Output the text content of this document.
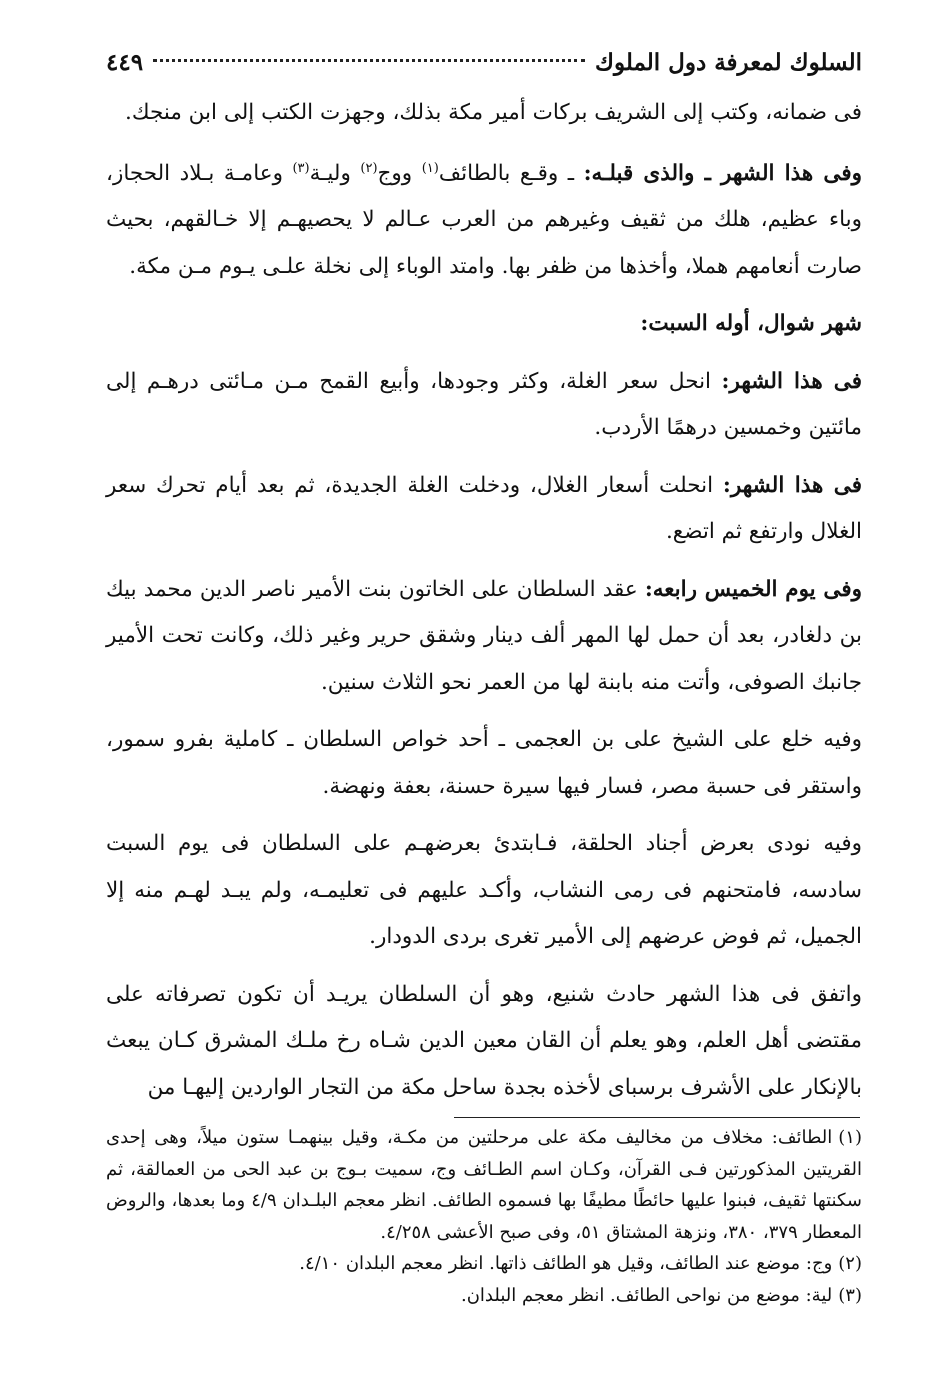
السلوك لمعرفة دول الملوك
٤٤٩

فى ضمانه، وكتب إلى الشريف بركات أمير مكة بذلك، وجهزت الكتب إلى ابن منجك.

وفى هذا الشهر ـ والذى قبلـه: ـ وقـع بالطائف$^{(١)}$ ووج$^{(٢)}$ وليـة$^{(٣)}$ وعامـة بـلاد الحجاز، وباء عظيم، هلك من ثقيف وغيرهم من العرب عـالم لا يحصيهـم إلا خـالقهم، بحيث صارت أنعامهم هملا، وأخذها من ظفر بها. وامتد الوباء إلى نخلة علـى يـوم مـن مكة.

شهر شوال، أوله السبت:

فى هذا الشهر: انحل سعر الغلة، وكثر وجودها، وأبيع القمح مـن مـائتى درهـم إلى مائتين وخمسين درهمًا الأردب.

فى هذا الشهر: انحلت أسعار الغلال، ودخلت الغلة الجديدة، ثم بعد أيام تحرك سعر الغلال وارتفع ثم اتضع.

وفى يوم الخميس رابعه: عقد السلطان على الخاتون بنت الأمير ناصر الدين محمد بيك بن دلغادر، بعد أن حمل لها المهر ألف دينار وشقق حرير وغير ذلك، وكانت تحت الأمير جانبك الصوفى، وأتت منه بابنة لها من العمر نحو الثلاث سنين.

وفيه خلع على الشيخ على بن العجمى ـ أحد خواص السلطان ـ كاملية بفرو سمور، واستقر فى حسبة مصر، فسار فيها سيرة حسنة، بعفة ونهضة.

وفيه نودى بعرض أجناد الحلقة، فـابتدئ بعرضهـم على السلطان فى يوم السبت سادسه، فامتحنهم فى رمى النشاب، وأكـد عليهم فى تعليمـه، ولم يبـد لهـم منه إلا الجميل، ثم فوض عرضهم إلى الأمير تغرى بردى الدودار.

واتفق فى هذا الشهر حادث شنيع، وهو أن السلطان يريـد أن تكون تصرفاته على مقتضى أهل العلم، وهو يعلم أن القان معين الدين شـاه رخ ملـك المشرق كـان يبعث بالإنكار على الأشرف برسباى لأخذه بجدة ساحل مكة من التجار الواردين إليهـا من

(١)الطائف: مخلاف من مخاليف مكة على مرحلتين من مكـة، وقيل بينهمـا ستون ميلاً، وهى إحدى القريتين المذكورتين فـى القرآن، وكـان اسم الطـائف وج، سميت بـوج بن عبد الحى من العمالقة، ثم سكنتها ثقيف، فبنوا عليها حائطًا مطيفًا بها فسموه الطائف. انظر معجم البلـدان ٤/٩ وما بعدها، والروض المعطار ٣٧٩، ٣٨٠، ونزهة المشتاق ٥١، وفى صبح الأعشى ٤/٢٥٨.

(٢)وج: موضع عند الطائف، وقيل هو الطائف ذاتها. انظر معجم البلدان ٤/١٠.

(٣)لية: موضع من نواحى الطائف. انظر معجم البلدان.
